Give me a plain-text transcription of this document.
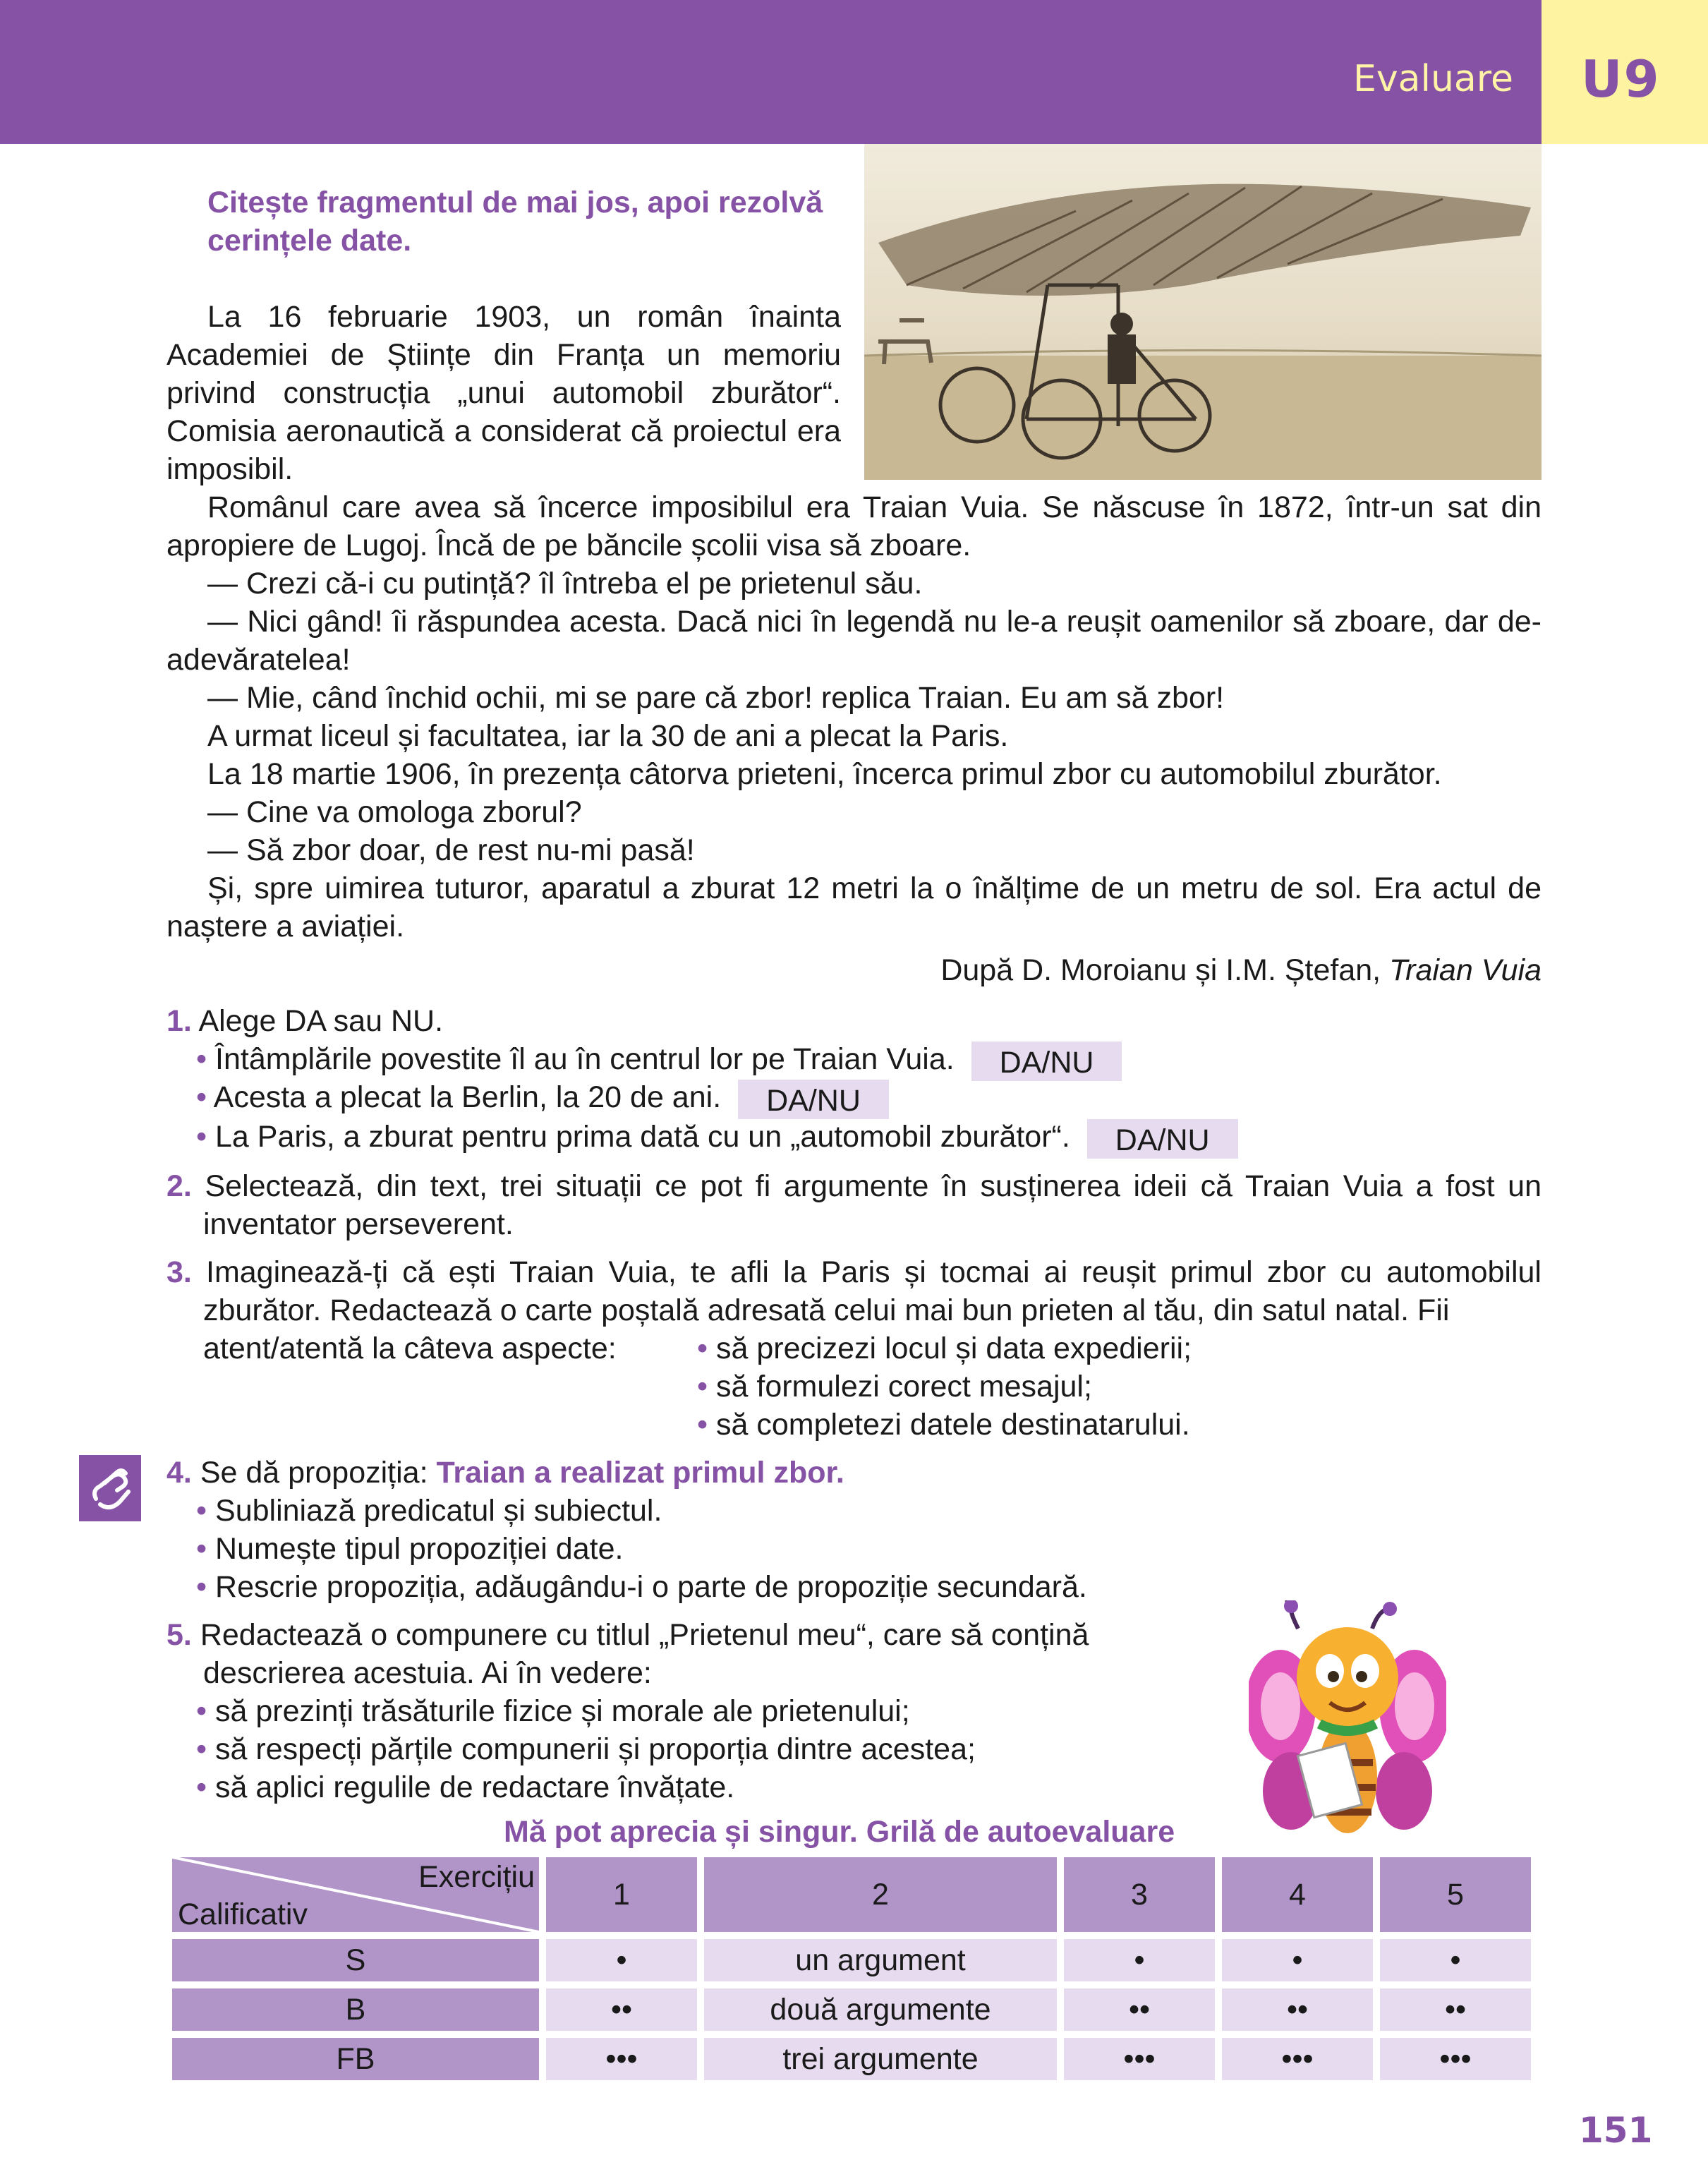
Evaluare U9
Citește fragmentul de mai jos, apoi rezolvă cerințele date.
La 16 februarie 1903, un român înainta Academiei de Științe din Franța un memoriu privind construcția „unui automobil zburător“. Comisia aeronautică a considerat că proiectul era imposibil.
Românul care avea să încerce imposibilul era Traian Vuia. Se născuse în 1872, într-un sat din apropiere de Lugoj. Încă de pe băncile școlii visa să zboare.
— Crezi că-i cu putință? îl întreba el pe prietenul său.
— Nici gând! îi răspundea acesta. Dacă nici în legendă nu le-a reușit oamenilor să zboare, dar de-adevăratelea!
— Mie, când închid ochii, mi se pare că zbor! replica Traian. Eu am să zbor!
A urmat liceul și facultatea, iar la 30 de ani a plecat la Paris.
La 18 martie 1906, în prezența câtorva prieteni, încerca primul zbor cu automobilul zburător.
— Cine va omologa zborul?
— Să zbor doar, de rest nu-mi pasă!
Și, spre uimirea tuturor, aparatul a zburat 12 metri la o înălțime de un metru de sol. Era actul de naștere a aviației.
După D. Moroianu și I.M. Ștefan, Traian Vuia
1. Alege DA sau NU.
• Întâmplările povestite îl au în centrul lor pe Traian Vuia. DA/NU
• Acesta a plecat la Berlin, la 20 de ani. DA/NU
• La Paris, a zburat pentru prima dată cu un „automobil zburător“. DA/NU
2. Selectează, din text, trei situații ce pot fi argumente în susținerea ideii că Traian Vuia a fost un inventator perseverent.
3. Imaginează-ți că ești Traian Vuia, te afli la Paris și tocmai ai reușit primul zbor cu automobilul zburător. Redactează o carte poștală adresată celui mai bun prieten al tău, din satul natal. Fii
atent/atentă la câteva aspecte:	• să precizezi locul și data expedierii;
• să formulezi corect mesajul;
• să completezi datele destinatarului.
4. Se dă propoziția: Traian a realizat primul zbor.
• Subliniază predicatul și subiectul.
• Numește tipul propoziției date.
• Rescrie propoziția, adăugându-i o parte de propoziție secundară.
5. Redactează o compunere cu titlul „Prietenul meu“, care să conțină
descrierea acestuia. Ai în vedere:
• să prezinți trăsăturile fizice și morale ale prietenului;
• să respecți părțile compunerii și proporția dintre acestea;
• să aplici regulile de redactare învățate.
Mă pot aprecia și singur. Grilă de autoevaluare
Exercițiu
Calificativ	1	2	3	4	5
S	•	un argument	•	•	•
B	••	două argumente	••	••	••
FB	•••	trei argumente	•••	•••	•••
151
